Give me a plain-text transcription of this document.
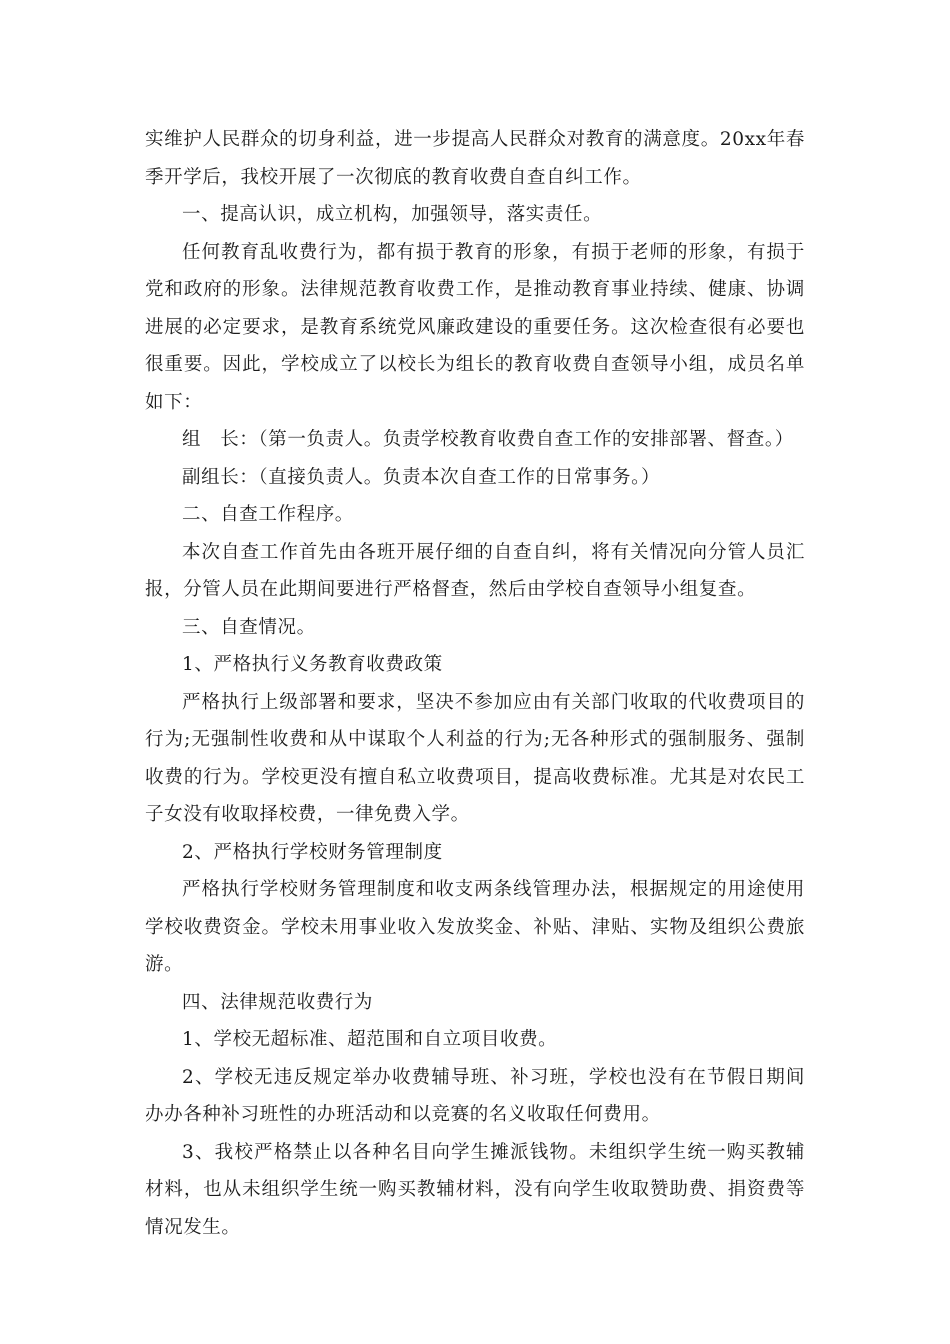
实维护人民群众的切身利益，进一步提高人民群众对教育的满意度。20xx年春季开学后，我校开展了一次彻底的教育收费自查自纠工作。

一、提高认识，成立机构，加强领导，落实责任。

任何教育乱收费行为，都有损于教育的形象，有损于老师的形象，有损于党和政府的形象。法律规范教育收费工作，是推动教育事业持续、健康、协调进展的必定要求，是教育系统党风廉政建设的重要任务。这次检查很有必要也很重要。因此，学校成立了以校长为组长的教育收费自查领导小组，成员名单如下：

组　长：（第一负责人。负责学校教育收费自查工作的安排部署、督查。）

副组长：（直接负责人。负责本次自查工作的日常事务。）

二、自查工作程序。

本次自查工作首先由各班开展仔细的自查自纠，将有关情况向分管人员汇报，分管人员在此期间要进行严格督查，然后由学校自查领导小组复查。

三、自查情况。

1、严格执行义务教育收费政策

严格执行上级部署和要求，坚决不参加应由有关部门收取的代收费项目的行为;无强制性收费和从中谋取个人利益的行为;无各种形式的强制服务、强制收费的行为。学校更没有擅自私立收费项目，提高收费标准。尤其是对农民工子女没有收取择校费，一律免费入学。

2、严格执行学校财务管理制度

严格执行学校财务管理制度和收支两条线管理办法，根据规定的用途使用学校收费资金。学校未用事业收入发放奖金、补贴、津贴、实物及组织公费旅游。

四、法律规范收费行为

1、学校无超标准、超范围和自立项目收费。

2、学校无违反规定举办收费辅导班、补习班，学校也没有在节假日期间办办各种补习班性的办班活动和以竞赛的名义收取任何费用。

3、我校严格禁止以各种名目向学生摊派钱物。未组织学生统一购买教辅材料，也从未组织学生统一购买教辅材料，没有向学生收取赞助费、捐资费等情况发生。
